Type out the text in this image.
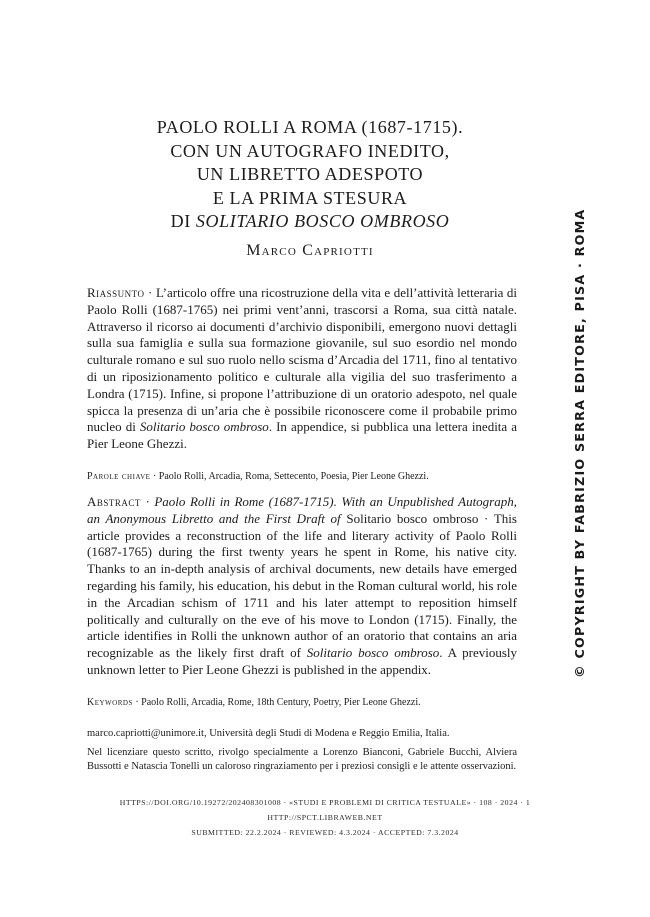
PAOLO ROLLI A ROMA (1687-1715).
CON UN AUTOGRAFO INEDITO,
UN LIBRETTO ADESPOTO
E LA PRIMA STESURA
DI SOLITARIO BOSCO OMBROSO
Marco Capriotti

Riassunto · L’articolo offre una ricostruzione della vita e dell’attività letteraria di Paolo Rolli (1687-1765) nei primi vent’anni, trascorsi a Roma, sua città natale. Attraverso il ricorso ai documenti d’archivio disponibili, emergono nuovi dettagli sulla sua famiglia e sulla sua formazione giovanile, sul suo esordio nel mondo culturale romano e sul suo ruolo nello scisma d’Arcadia del 1711, fino al tentativo di un riposizionamento politico e culturale alla vigilia del suo trasferimento a Londra (1715). Infine, si propone l’attribuzione di un oratorio adespoto, nel quale spicca la presenza di un’aria che è possibile riconoscere come il probabile primo nucleo di Solitario bosco ombroso. In appendice, si pubblica una lettera inedita a Pier Leone Ghezzi.

Parole chiave · Paolo Rolli, Arcadia, Roma, Settecento, Poesia, Pier Leone Ghezzi.

Abstract · Paolo Rolli in Rome (1687-1715). With an Unpublished Autograph, an Anonymous Libretto and the First Draft of Solitario bosco ombroso · This article provides a reconstruction of the life and literary activity of Paolo Rolli (1687-1765) during the first twenty years he spent in Rome, his native city. Thanks to an in-depth analysis of archival documents, new details have emerged regarding his family, his education, his debut in the Roman cultural world, his role in the Arcadian schism of 1711 and his later attempt to reposition himself politically and culturally on the eve of his move to London (1715). Finally, the article identifies in Rolli the unknown author of an oratorio that contains an aria recognizable as the likely first draft of Solitario bosco ombroso. A previously unknown letter to Pier Leone Ghezzi is published in the appendix.

Keywords · Paolo Rolli, Arcadia, Rome, 18th Century, Poetry, Pier Leone Ghezzi.
marco.capriotti@unimore.it, Università degli Studi di Modena e Reggio Emilia, Italia.
Nel licenziare questo scritto, rivolgo specialmente a Lorenzo Bianconi, Gabriele Bucchi, Alviera Bussotti e Natascia Tonelli un caloroso ringraziamento per i preziosi consigli e le attente osservazioni.
HTTPS://DOI.ORG/10.19272/202408301008 · «STUDI E PROBLEMI DI CRITICA TESTUALE» · 108 · 2024 · 1
HTTP://SPCT.LIBRAWEB.NET
SUBMITTED: 22.2.2024 · REVIEWED: 4.3.2024 · ACCEPTED: 7.3.2024
© COPYRIGHT BY FABRIZIO SERRA EDITORE, PISA · ROMA
